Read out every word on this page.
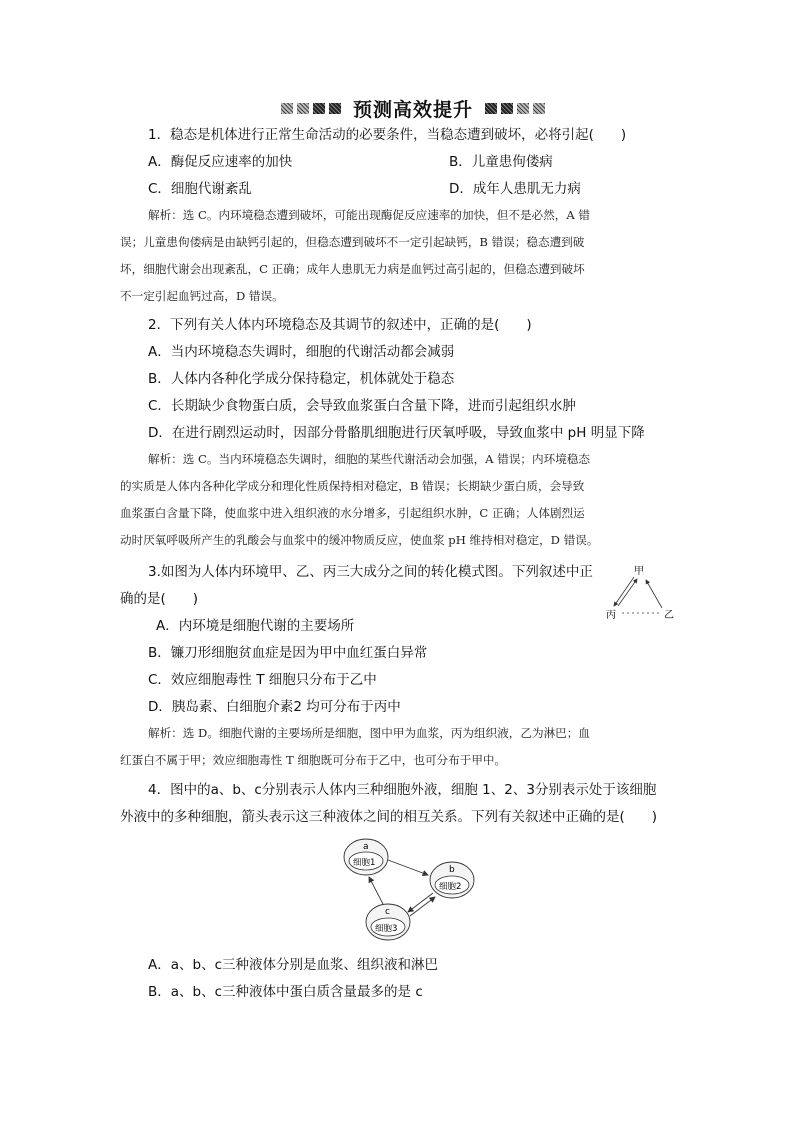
预测高效提升
1．稳态是机体进行正常生命活动的必要条件，当稳态遭到破坏，必将引起(　　)
A．酶促反应速率的加快	B．儿童患佝偻病
C．细胞代谢紊乱	D．成年人患肌无力病
解析：选 C。内环境稳态遭到破坏，可能出现酶促反应速率的加快，但不是必然，A 错
误；儿童患佝偻病是由缺钙引起的，但稳态遭到破坏不一定引起缺钙，B 错误；稳态遭到破
坏，细胞代谢会出现紊乱，C 正确；成年人患肌无力病是血钙过高引起的，但稳态遭到破坏
不一定引起血钙过高，D 错误。
2．下列有关人体内环境稳态及其调节的叙述中，正确的是(　　)
A．当内环境稳态失调时，细胞的代谢活动都会减弱
B．人体内各种化学成分保持稳定，机体就处于稳态
C．长期缺少食物蛋白质，会导致血浆蛋白含量下降，进而引起组织水肿
D．在进行剧烈运动时，因部分骨骼肌细胞进行厌氧呼吸，导致血浆中 pH 明显下降
解析：选 C。当内环境稳态失调时，细胞的某些代谢活动会加强，A 错误；内环境稳态
的实质是人体内各种化学成分和理化性质保持相对稳定，B 错误；长期缺少蛋白质，会导致
血浆蛋白含量下降，使血浆中进入组织液的水分增多，引起组织水肿，C 正确；人体剧烈运
动时厌氧呼吸所产生的乳酸会与血浆中的缓冲物质反应，使血浆 pH 维持相对稳定，D 错误。
3.如图为人体内环境甲、乙、丙三大成分之间的转化模式图。下列叙述中正
确的是(　　)
甲
丙	乙
A．内环境是细胞代谢的主要场所
B．镰刀形细胞贫血症是因为甲中血红蛋白异常
C．效应细胞毒性 T 细胞只分布于乙中
D．胰岛素、白细胞介素2 均可分布于丙中
解析：选 D。细胞代谢的主要场所是细胞，图中甲为血浆，丙为组织液，乙为淋巴；血
红蛋白不属于甲；效应细胞毒性 T 细胞既可分布于乙中，也可分布于甲中。
4．图中的a、b、c分别表示人体内三种细胞外液，细胞 1、2、3分别表示处于该细胞
外液中的多种细胞，箭头表示这三种液体之间的相互关系。下列有关叙述中正确的是(　　)
a
细胞1
b
细胞2
c
细胞3
A．a、b、c三种液体分别是血浆、组织液和淋巴
B．a、b、c三种液体中蛋白质含量最多的是 c
